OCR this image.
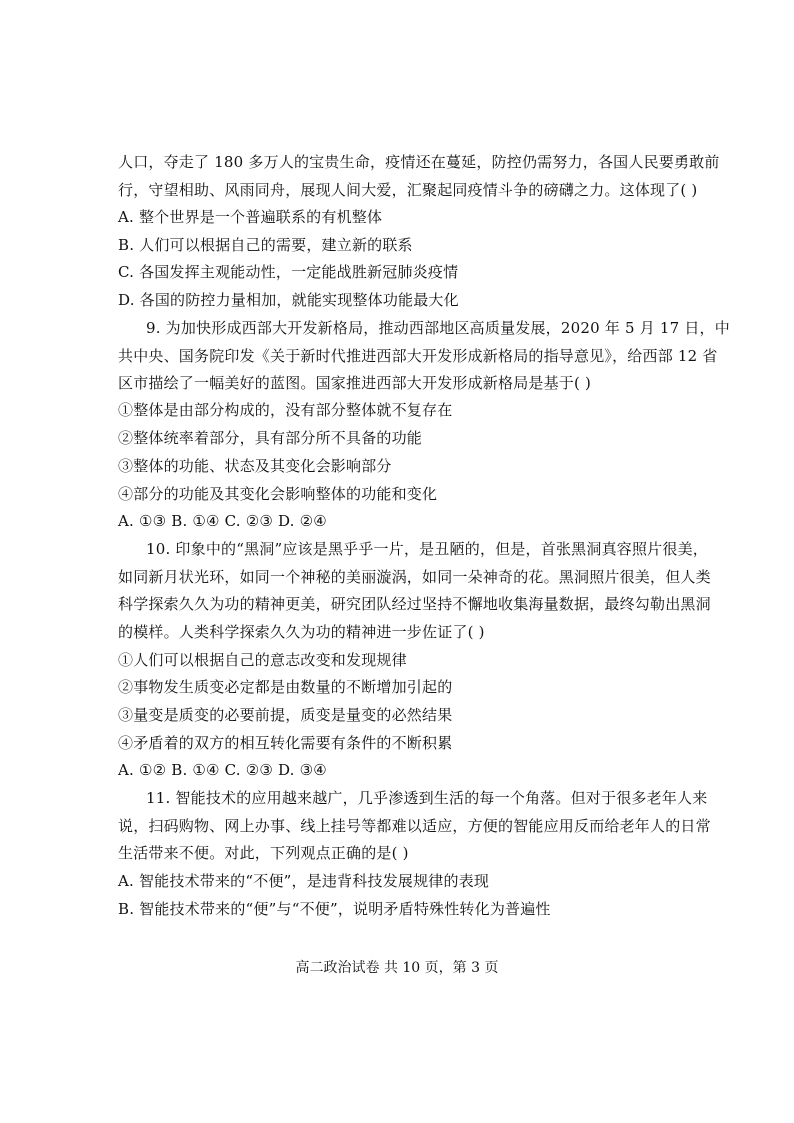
人口，夺走了 180 多万人的宝贵生命，疫情还在蔓延，防控仍需努力，各国人民要勇敢前
行，守望相助、风雨同舟，展现人间大爱，汇聚起同疫情斗争的磅礴之力。这体现了( )
A. 整个世界是一个普遍联系的有机整体
B. 人们可以根据自己的需要，建立新的联系
C. 各国发挥主观能动性，一定能战胜新冠肺炎疫情
D. 各国的防控力量相加，就能实现整体功能最大化
9. 为加快形成西部大开发新格局，推动西部地区高质量发展，2020 年 5 月 17 日，中
共中央、国务院印发《关于新时代推进西部大开发形成新格局的指导意见》，给西部 12 省
区市描绘了一幅美好的蓝图。国家推进西部大开发形成新格局是基于( )
①整体是由部分构成的，没有部分整体就不复存在
②整体统率着部分，具有部分所不具备的功能
③整体的功能、状态及其变化会影响部分
④部分的功能及其变化会影响整体的功能和变化
A. ①③ B. ①④ C. ②③ D. ②④
10. 印象中的“黑洞”应该是黑乎乎一片，是丑陋的，但是，首张黑洞真容照片很美，
如同新月状光环，如同一个神秘的美丽漩涡，如同一朵神奇的花。黑洞照片很美，但人类
科学探索久久为功的精神更美，研究团队经过坚持不懈地收集海量数据，最终勾勒出黑洞
的模样。人类科学探索久久为功的精神进一步佐证了( )
①人们可以根据自己的意志改变和发现规律
②事物发生质变必定都是由数量的不断增加引起的
③量变是质变的必要前提，质变是量变的必然结果
④矛盾着的双方的相互转化需要有条件的不断积累
A. ①② B. ①④ C. ②③ D. ③④
11. 智能技术的应用越来越广，几乎渗透到生活的每一个角落。但对于很多老年人来
说，扫码购物、网上办事、线上挂号等都难以适应，方便的智能应用反而给老年人的日常
生活带来不便。对此，下列观点正确的是( )
A. 智能技术带来的“不便”，是违背科技发展规律的表现
B. 智能技术带来的“便”与“不便”，说明矛盾特殊性转化为普遍性
高二政治试卷 共 10 页，第 3 页
